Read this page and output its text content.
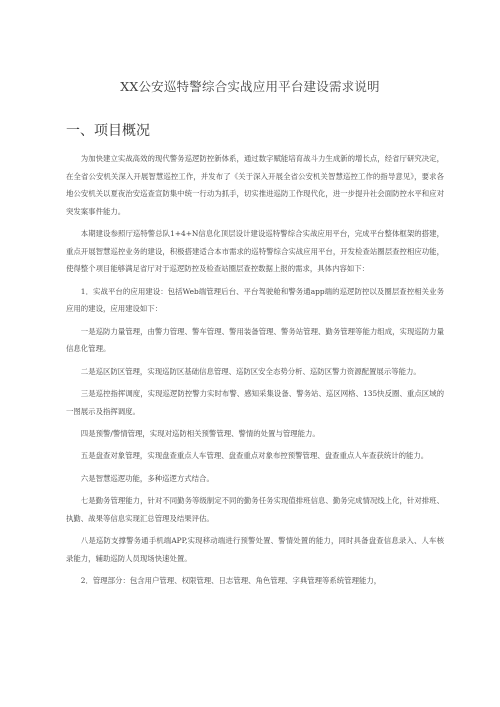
XX公安巡特警综合实战应用平台建设需求说明
一、项目概况

为加快建立实战高效的现代警务巡逻防控新体系，通过数字赋能培育战斗力生成新的增长点，经省厅研究决定，在全省公安机关深入开展智慧巡控工作，并发布了《关于深入开展全省公安机关智慧巡控工作的指导意见》，要求各地公安机关以夏夜治安巡查宣防集中统一行动为抓手，切实推进巡防工作现代化，进一步提升社会面防控水平和应对突发案事件能力。

本期建设参照厅巡特警总队1+4+N信息化顶层设计建设巡特警综合实战应用平台，完成平台整体框架的搭建，重点开展智慧巡控业务的建设，积极搭建适合本市需求的巡特警综合实战应用平台，开发检查站圈层查控相应功能，使得整个项目能够满足省厅对于巡逻防控及检查站圈层查控数据上报的需求，具体内容如下：

1．实战平台的应用建设：包括Web端管理后台、平台驾驶舱和警务通app端的巡逻防控以及圈层查控相关业务应用的建设，应用建设如下：

一是巡防力量管理，由警力管理、警车管理、警用装备管理、警务站管理、勤务管理等能力组成，实现巡防力量信息化管理。

二是巡区防区管理，实现巡防区基础信息管理、巡防区安全态势分析、巡防区警力资源配置展示等能力。

三是巡控指挥调度，实现巡逻防控警力实时布警、感知采集设备、警务站、巡区网格、135快反圈、重点区域的一图展示及指挥调度。

四是预警/警情管理，实现对巡防相关预警管理、警情的处置与管理能力。

五是盘查对象管理，实现盘查重点人车管理、盘查重点对象布控预警管理、盘查重点人车查获统计的能力。

六是智慧巡逻功能，多种巡逻方式结合。

七是勤务管理能力，针对不同勤务等级制定不同的勤务任务实现值排班信息、勤务完成情况线上化，针对排班、执勤、战果等信息实现汇总管理及结果评估。

八是巡防支撑警务通手机端APP,实现移动端进行预警处置、警情处置的能力，同时具备盘查信息录入、人车核录能力，辅助巡防人员现场快速处置。

2．管理部分：包含用户管理、权限管理、日志管理、角色管理、字典管理等系统管理能力，
